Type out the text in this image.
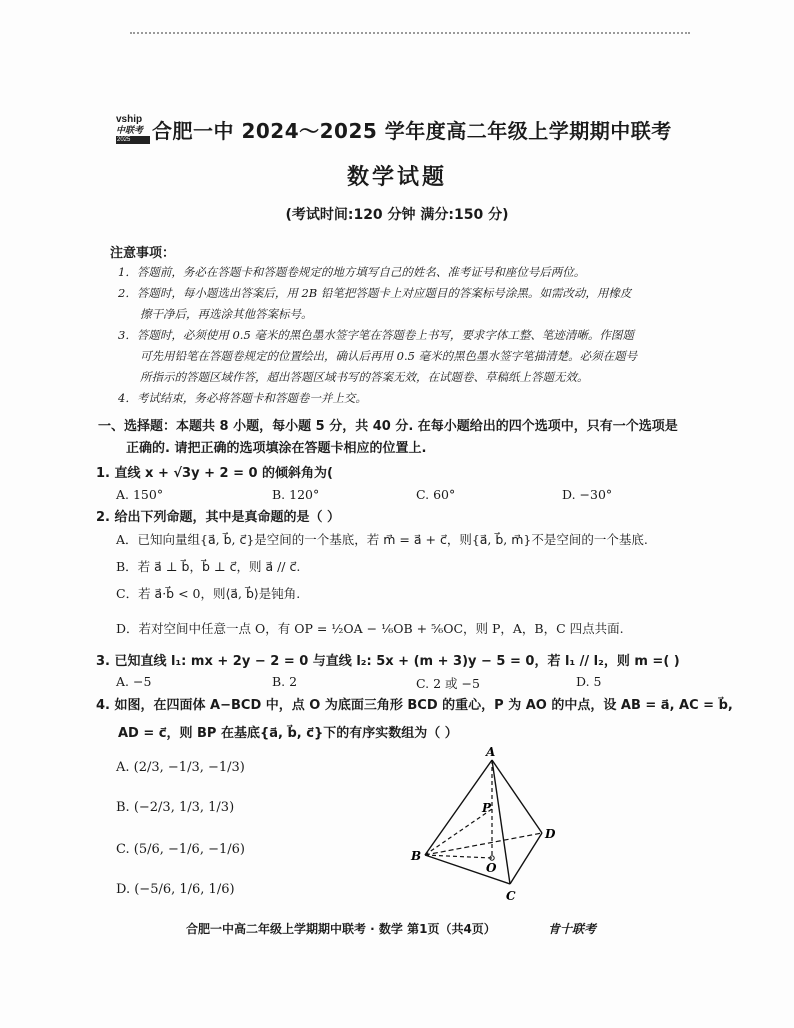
vship
中联考
2025	合肥一中 2024～2025 学年度高二年级上学期期中联考
数学试题
(考试时间:120 分钟 满分:150 分)
注意事项：
1．答题前，务必在答题卡和答题卷规定的地方填写自己的姓名、准考证号和座位号后两位。
2．答题时，每小题选出答案后，用 2B 铅笔把答题卡上对应题目的答案标号涂黑。如需改动，用橡皮
擦干净后，再选涂其他答案标号。
3．答题时，必须使用 0.5 毫米的黑色墨水签字笔在答题卷上书写，要求字体工整、笔迹清晰。作图题
可先用铅笔在答题卷规定的位置绘出，确认后再用 0.5 毫米的黑色墨水签字笔描清楚。必须在题号
所指示的答题区域作答，超出答题区域书写的答案无效，在试题卷、草稿纸上答题无效。
4．考试结束，务必将答题卡和答题卷一并上交。
一、选择题：本题共 8 小题，每小题 5 分，共 40 分. 在每小题给出的四个选项中，只有一个选项是
正确的. 请把正确的选项填涂在答题卡相应的位置上.
1. 直线 x + √3y + 2 = 0 的倾斜角为(
A. 150°	B. 120°	C. 60°	D. −30°
2. 给出下列命题，其中是真命题的是（ ）
A．已知向量组{a⃗, b⃗, c⃗}是空间的一个基底，若 m⃗ = a⃗ + c⃗，则{a⃗, b⃗, m⃗}不是空间的一个基底.
B．若 a⃗ ⊥ b⃗，b⃗ ⊥ c⃗，则 a⃗ // c⃗.
C．若 a⃗·b⃗ < 0，则⟨a⃗, b⃗⟩是钝角.
D．若对空间中任意一点 O，有 OP = ½OA − ⅙OB + ⅚OC，则 P，A，B，C 四点共面.
3. 已知直线 l₁: mx + 2y − 2 = 0 与直线 l₂: 5x + (m + 3)y − 5 = 0，若 l₁ // l₂，则 m =( )
A. −5	B. 2	C. 2 或 −5	D. 5
4. 如图，在四面体 A−BCD 中，点 O 为底面三角形 BCD 的重心，P 为 AO 的中点，设 AB = a⃗, AC = b⃗,
AD = c⃗，则 BP 在基底{a⃗, b⃗, c⃗}下的有序实数组为（ ）
A. (2/3, −1/3, −1/3)
B. (−2/3, 1/3, 1/3)
C. (5/6, −1/6, −1/6)
D. (−5/6, 1/6, 1/6)
A
P
D
B
O
C
合肥一中高二年级上学期期中联考 · 数学 第1页（共4页）	肯十联考
